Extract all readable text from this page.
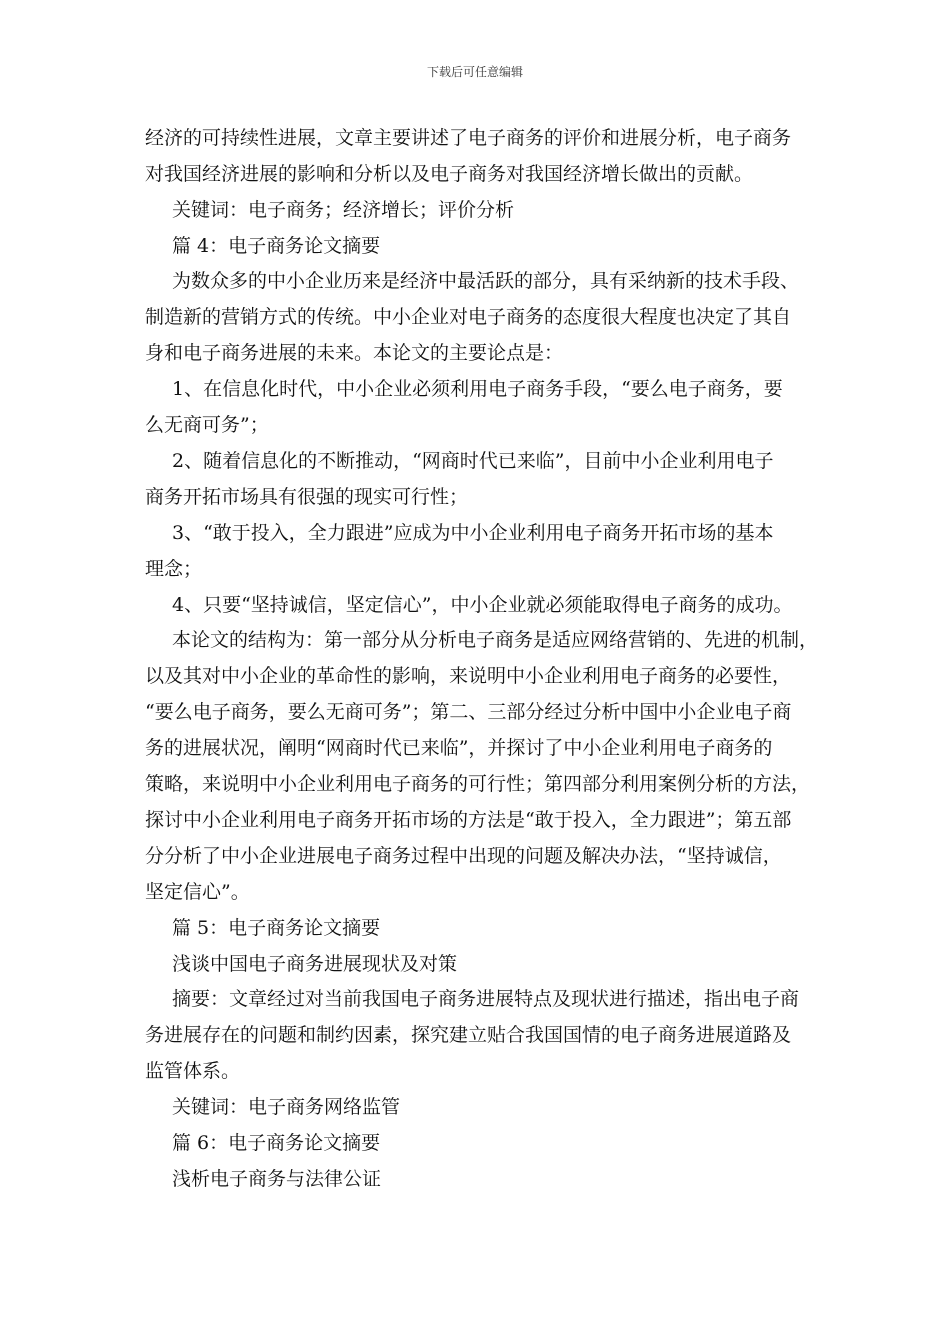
下载后可任意编辑
经济的可持续性进展，文章主要讲述了电子商务的评价和进展分析，电子商务
对我国经济进展的影响和分析以及电子商务对我国经济增长做出的贡献。
关键词：电子商务；经济增长；评价分析
篇 4：电子商务论文摘要
为数众多的中小企业历来是经济中最活跃的部分，具有采纳新的技术手段、
制造新的营销方式的传统。中小企业对电子商务的态度很大程度也决定了其自
身和电子商务进展的未来。本论文的主要论点是：
1、在信息化时代，中小企业必须利用电子商务手段，“要么电子商务，要
么无商可务”；
2、随着信息化的不断推动，“网商时代已来临”，目前中小企业利用电子
商务开拓市场具有很强的现实可行性；
3、“敢于投入，全力跟进”应成为中小企业利用电子商务开拓市场的基本
理念；
4、只要“坚持诚信，坚定信心”，中小企业就必须能取得电子商务的成功。
本论文的结构为：第一部分从分析电子商务是适应网络营销的、先进的机制，
以及其对中小企业的革命性的影响，来说明中小企业利用电子商务的必要性，
“要么电子商务，要么无商可务”；第二、三部分经过分析中国中小企业电子商
务的进展状况，阐明“网商时代已来临”，并探讨了中小企业利用电子商务的
策略，来说明中小企业利用电子商务的可行性；第四部分利用案例分析的方法，
探讨中小企业利用电子商务开拓市场的方法是“敢于投入，全力跟进”；第五部
分分析了中小企业进展电子商务过程中出现的问题及解决办法，“坚持诚信，
坚定信心”。
篇 5：电子商务论文摘要
浅谈中国电子商务进展现状及对策
摘要：文章经过对当前我国电子商务进展特点及现状进行描述，指出电子商
务进展存在的问题和制约因素，探究建立贴合我国国情的电子商务进展道路及
监管体系。
关键词：电子商务网络监管
篇 6：电子商务论文摘要
浅析电子商务与法律公证
